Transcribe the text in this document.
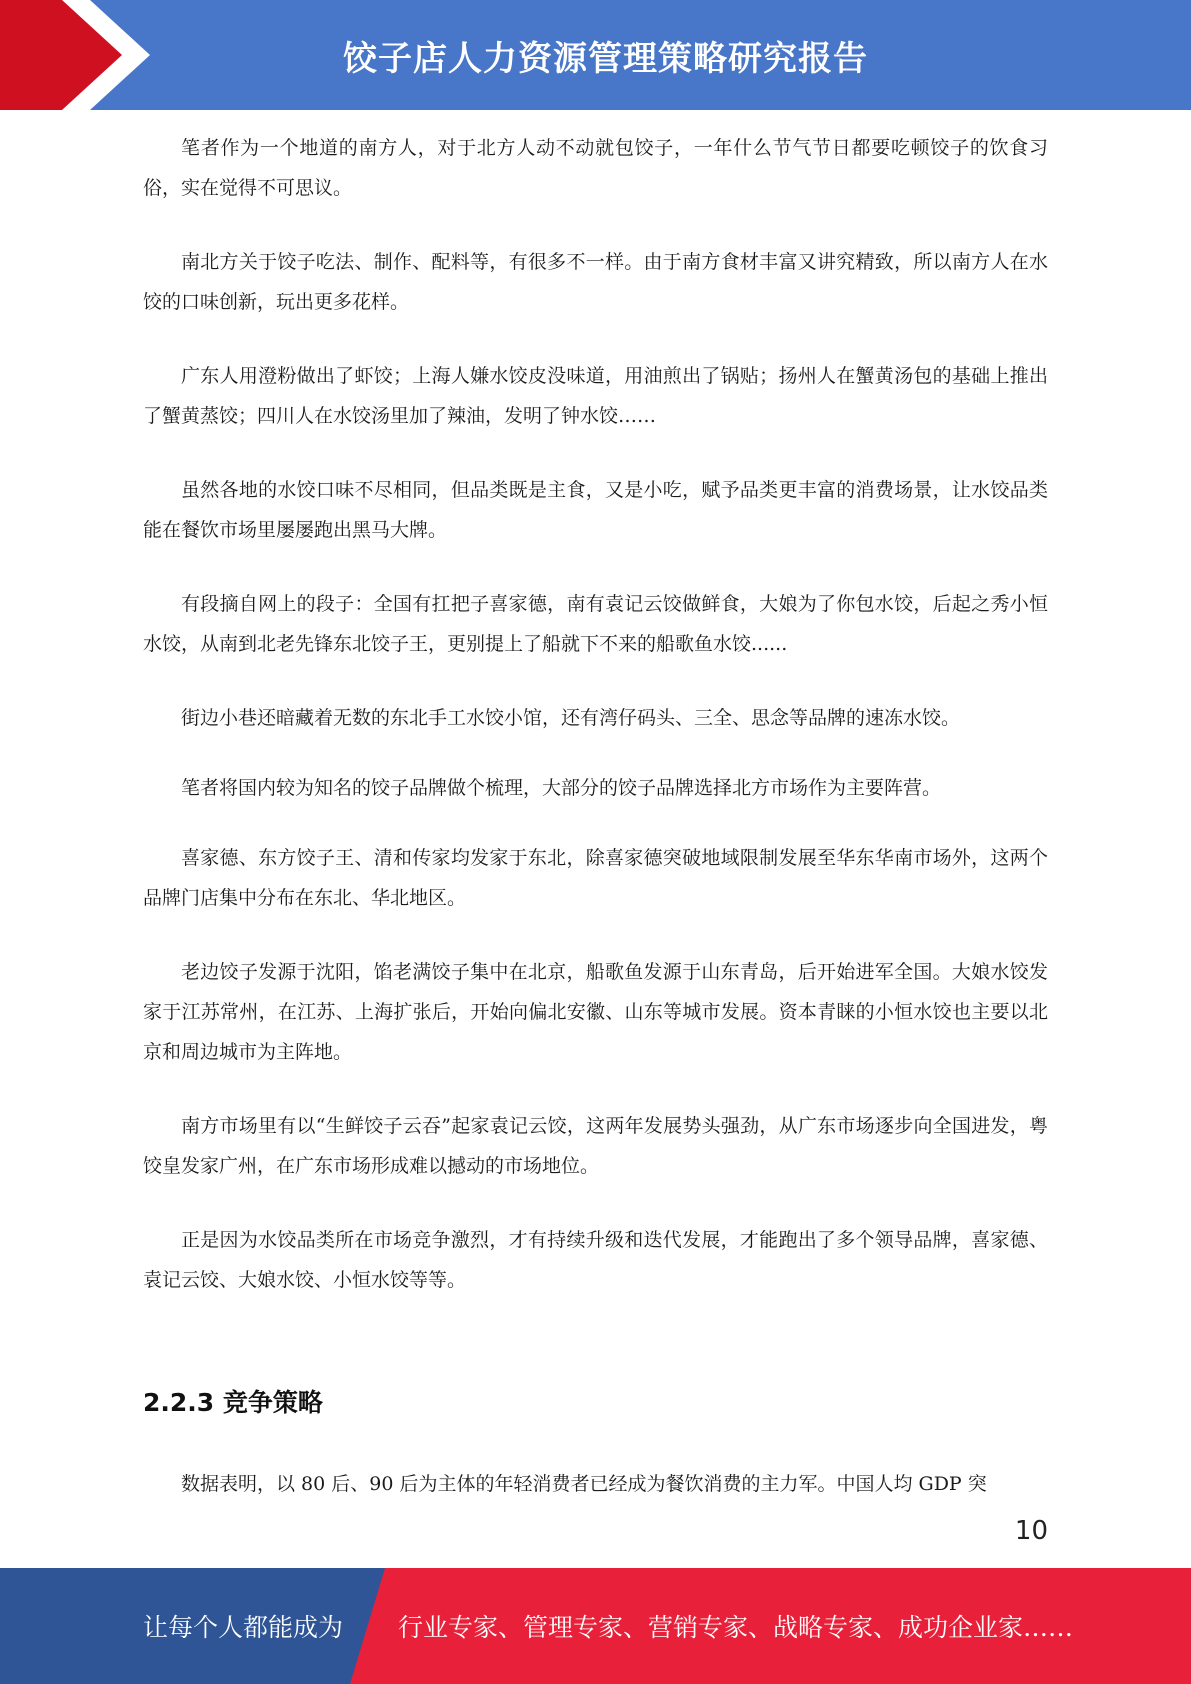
饺子店人力资源管理策略研究报告

笔者作为一个地道的南方人，对于北方人动不动就包饺子，一年什么节气节日都要吃顿饺子的饮食习俗，实在觉得不可思议。

南北方关于饺子吃法、制作、配料等，有很多不一样。由于南方食材丰富又讲究精致，所以南方人在水饺的口味创新，玩出更多花样。

广东人用澄粉做出了虾饺；上海人嫌水饺皮没味道，用油煎出了锅贴；扬州人在蟹黄汤包的基础上推出了蟹黄蒸饺；四川人在水饺汤里加了辣油，发明了钟水饺……

虽然各地的水饺口味不尽相同，但品类既是主食，又是小吃，赋予品类更丰富的消费场景，让水饺品类能在餐饮市场里屡屡跑出黑马大牌。

有段摘自网上的段子：全国有扛把子喜家德，南有袁记云饺做鲜食，大娘为了你包水饺，后起之秀小恒水饺，从南到北老先锋东北饺子王，更别提上了船就下不来的船歌鱼水饺......

街边小巷还暗藏着无数的东北手工水饺小馆，还有湾仔码头、三全、思念等品牌的速冻水饺。

笔者将国内较为知名的饺子品牌做个梳理，大部分的饺子品牌选择北方市场作为主要阵营。

喜家德、东方饺子王、清和传家均发家于东北，除喜家德突破地域限制发展至华东华南市场外，这两个品牌门店集中分布在东北、华北地区。

老边饺子发源于沈阳，馅老满饺子集中在北京，船歌鱼发源于山东青岛，后开始进军全国。大娘水饺发家于江苏常州，在江苏、上海扩张后，开始向偏北安徽、山东等城市发展。资本青睐的小恒水饺也主要以北京和周边城市为主阵地。

南方市场里有以“生鲜饺子云吞”起家袁记云饺，这两年发展势头强劲，从广东市场逐步向全国进发，粤饺皇发家广州，在广东市场形成难以撼动的市场地位。

正是因为水饺品类所在市场竞争激烈，才有持续升级和迭代发展，才能跑出了多个领导品牌，喜家德、袁记云饺、大娘水饺、小恒水饺等等。

2.2.3 竞争策略

数据表明，以 80 后、90 后为主体的年轻消费者已经成为餐饮消费的主力军。中国人均 GDP 突

10
让每个人都能成为 行业专家、管理专家、营销专家、战略专家、成功企业家……
